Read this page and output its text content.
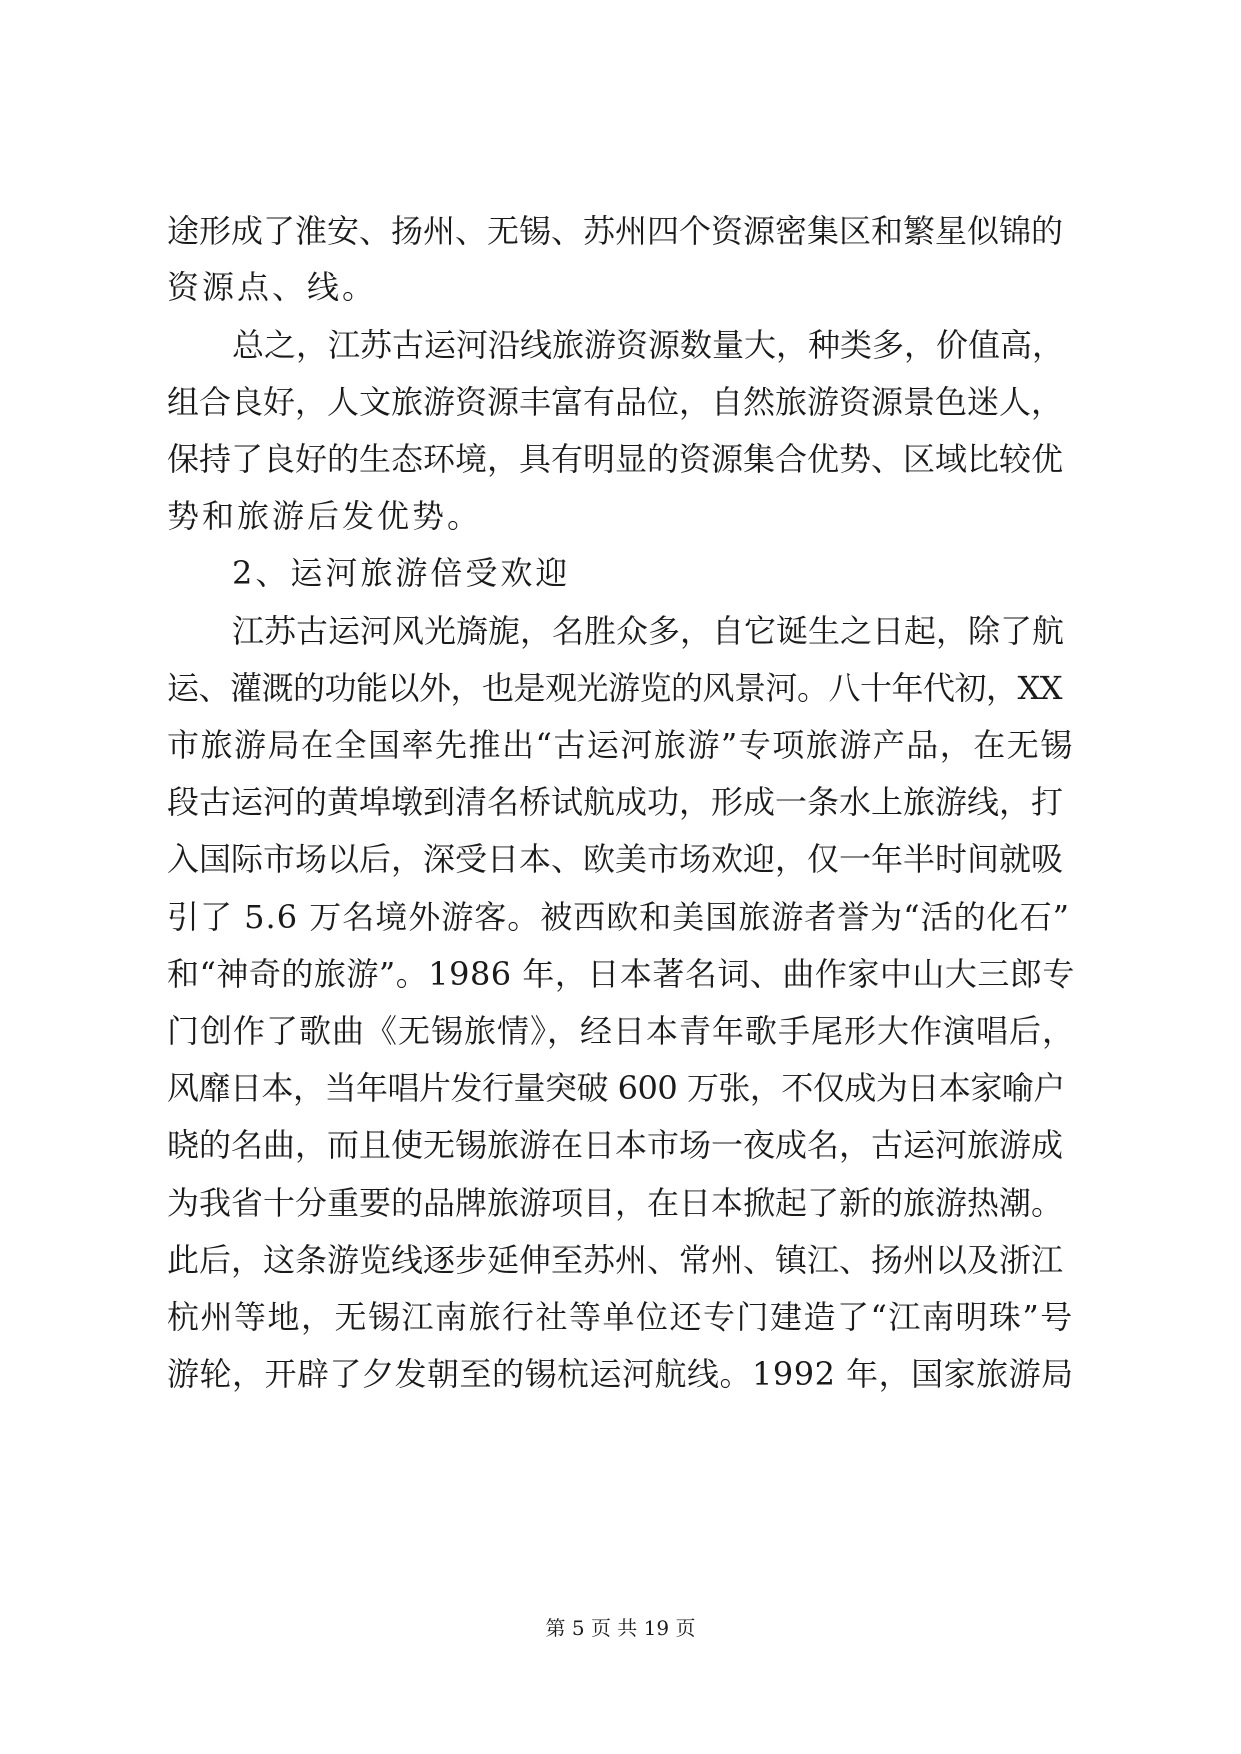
途形成了淮安、扬州、无锡、苏州四个资源密集区和繁星似锦的
资源点、线。
总之，江苏古运河沿线旅游资源数量大，种类多，价值高，
组合良好，人文旅游资源丰富有品位，自然旅游资源景色迷人，
保持了良好的生态环境，具有明显的资源集合优势、区域比较优
势和旅游后发优势。
2、运河旅游倍受欢迎
江苏古运河风光旖旎，名胜众多，自它诞生之日起，除了航
运、灌溉的功能以外，也是观光游览的风景河。八十年代初，XX
市旅游局在全国率先推出“古运河旅游”专项旅游产品，在无锡
段古运河的黄埠墩到清名桥试航成功，形成一条水上旅游线，打
入国际市场以后，深受日本、欧美市场欢迎，仅一年半时间就吸
引了 5.6 万名境外游客。被西欧和美国旅游者誉为“活的化石”
和“神奇的旅游”。1986 年，日本著名词、曲作家中山大三郎专
门创作了歌曲《无锡旅情》，经日本青年歌手尾形大作演唱后，
风靡日本，当年唱片发行量突破 600 万张，不仅成为日本家喻户
晓的名曲，而且使无锡旅游在日本市场一夜成名，古运河旅游成
为我省十分重要的品牌旅游项目，在日本掀起了新的旅游热潮。
此后，这条游览线逐步延伸至苏州、常州、镇江、扬州以及浙江
杭州等地，无锡江南旅行社等单位还专门建造了“江南明珠”号
游轮，开辟了夕发朝至的锡杭运河航线。1992 年，国家旅游局
第 5 页 共 19 页
